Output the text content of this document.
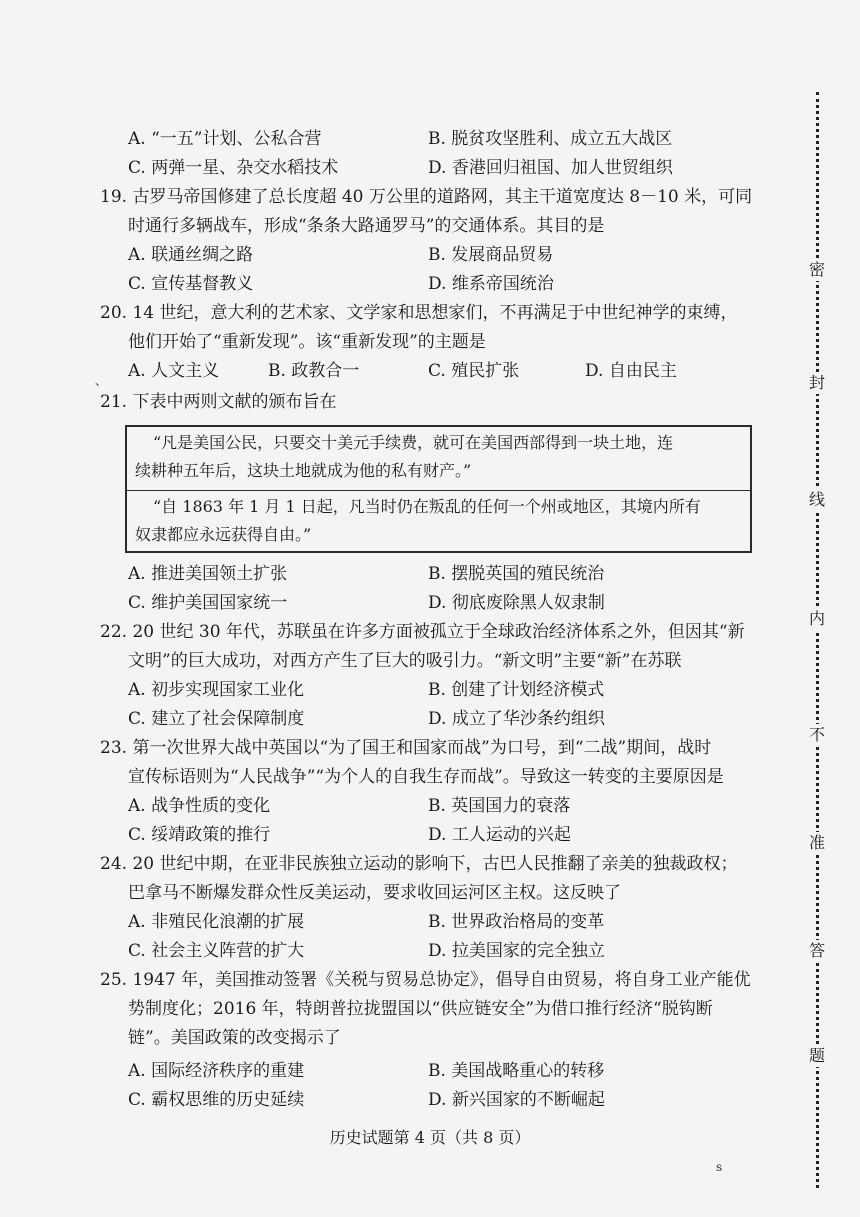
A. “一五”计划、公私合营	B. 脱贫攻坚胜利、成立五大战区
C. 两弹一星、杂交水稻技术	D. 香港回归祖国、加人世贸组织
19. 古罗马帝国修建了总长度超 40 万公里的道路网，其主干道宽度达 8－10 米，可同
时通行多辆战车，形成“条条大路通罗马”的交通体系。其目的是
A. 联通丝绸之路	B. 发展商品贸易
C. 宣传基督教义	D. 维系帝国统治
20. 14 世纪，意大利的艺术家、文学家和思想家们，不再满足于中世纪神学的束缚，
他们开始了“重新发现”。该“重新发现”的主题是
A. 人文主义	B. 政教合一	C. 殖民扩张	D. 自由民主
、
21. 下表中两则文献的颁布旨在
“凡是美国公民，只要交十美元手续费，就可在美国西部得到一块土地，连
续耕种五年后，这块土地就成为他的私有财产。”
“自 1863 年 1 月 1 日起，凡当时仍在叛乱的任何一个州或地区，其境内所有
奴隶都应永远获得自由。”
A. 推进美国领土扩张	B. 摆脱英国的殖民统治
C. 维护美国国家统一	D. 彻底废除黑人奴隶制
22. 20 世纪 30 年代，苏联虽在许多方面被孤立于全球政治经济体系之外，但因其“新
文明”的巨大成功，对西方产生了巨大的吸引力。“新文明”主要“新”在苏联
A. 初步实现国家工业化	B. 创建了计划经济模式
C. 建立了社会保障制度	D. 成立了华沙条约组织
23. 第一次世界大战中英国以“为了国王和国家而战”为口号，到“二战”期间，战时
宣传标语则为“人民战争”“为个人的自我生存而战”。导致这一转变的主要原因是
A. 战争性质的变化	B. 英国国力的衰落
C. 绥靖政策的推行	D. 工人运动的兴起
24. 20 世纪中期，在亚非民族独立运动的影响下，古巴人民推翻了亲美的独裁政权；
巴拿马不断爆发群众性反美运动，要求收回运河区主权。这反映了
A. 非殖民化浪潮的扩展	B. 世界政治格局的变革
C. 社会主义阵营的扩大	D. 拉美国家的完全独立
25. 1947 年，美国推动签署《关税与贸易总协定》，倡导自由贸易，将自身工业产能优
势制度化；2016 年，特朗普拉拢盟国以“供应链安全”为借口推行经济“脱钩断
链”。美国政策的改变揭示了
A. 国际经济秩序的重建	B. 美国战略重心的转移
C. 霸权思维的历史延续	D. 新兴国家的不断崛起
历史试题第 4 页（共 8 页）
s
密
封
线
内
不
准
答
题
